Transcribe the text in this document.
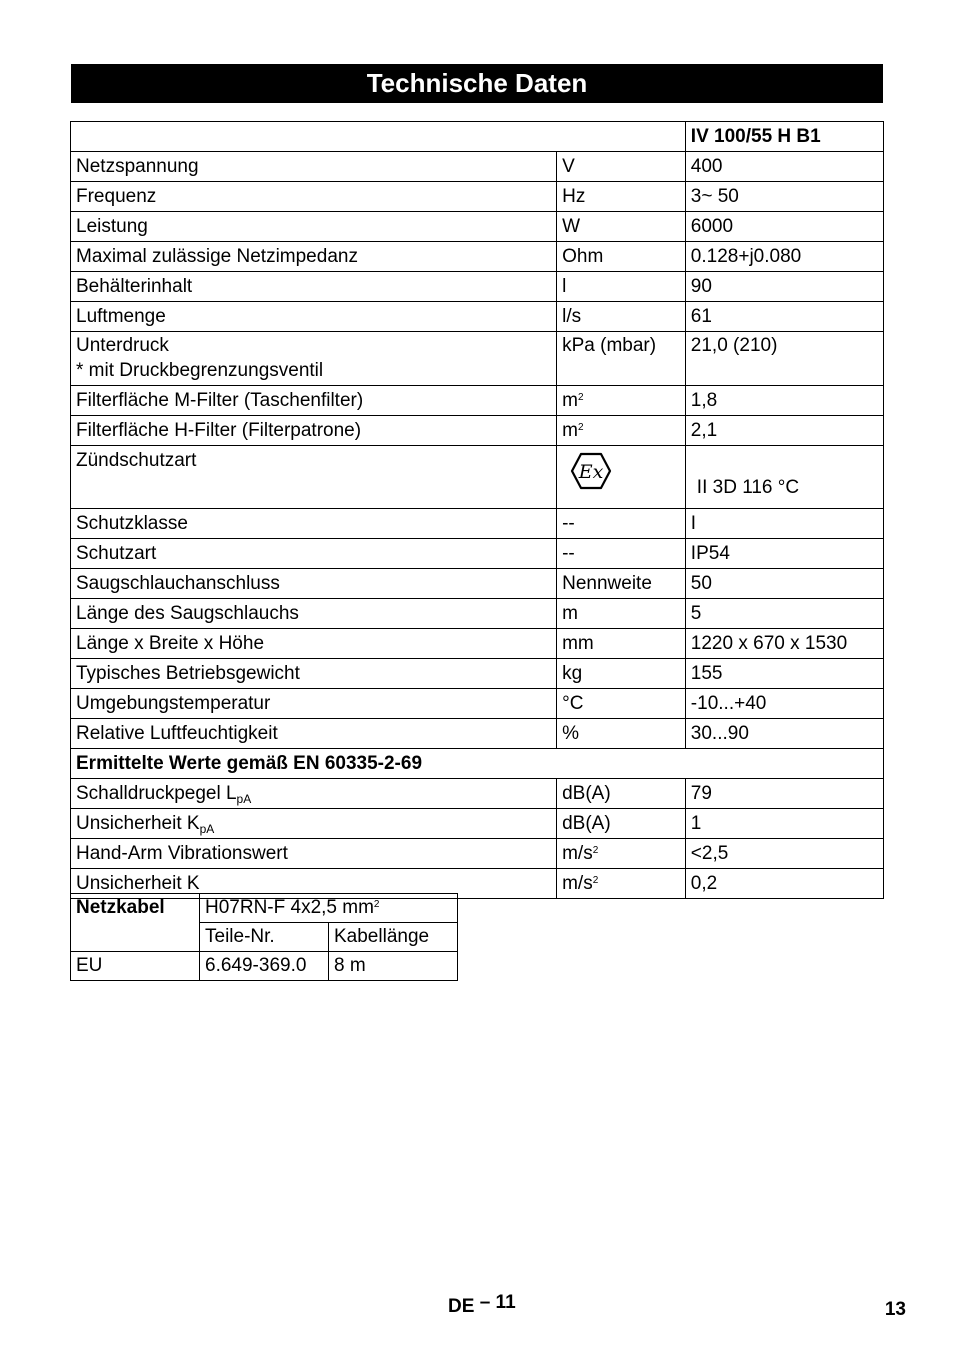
Technische Daten
		IV 100/55 H B1
Netzspannung	V	400
Frequenz	Hz	3~ 50
Leistung	W	6000
Maximal zulässige Netzimpedanz	Ohm	0.128+j0.080
Behälterinhalt	l	90
Luftmenge	l/s	61

Unterdruck
* mit Druckbegrenzungsventil	kPa (mbar)	21,0 (210)
Filterfläche M-Filter (Taschenfilter)	$m^2$	1,8
Filterfläche H-Filter (Filterpatrone)	$m^2$	2,1
Zündschutzart	Ex	II 3D 116 °C
Schutzklasse	--	I
Schutzart	--	IP54
Saugschlauchanschluss	Nennweite	50
Länge des Saugschlauchs	m	5
Länge x Breite x Höhe	mm	1220 x 670 x 1530
Typisches Betriebsgewicht	kg	155
Umgebungstemperatur	°C	-10...+40
Relative Luftfeuchtigkeit	%	30...90
Ermittelte Werte gemäß EN 60335-2-69		
Schalldruckpegel $L_{pA}$	dB(A)	79
Unsicherheit $K_{pA}$	dB(A)	1
Hand-Arm Vibrationswert	$m/s^2$	<2,5
Unsicherheit K	$m/s^2$	0,2
Netzkabel	H07RN-F 4x2,5 $mm^2$
	Teile-Nr.	Kabellänge
EU	6.649-369.0	8 m
DE – 11	13
